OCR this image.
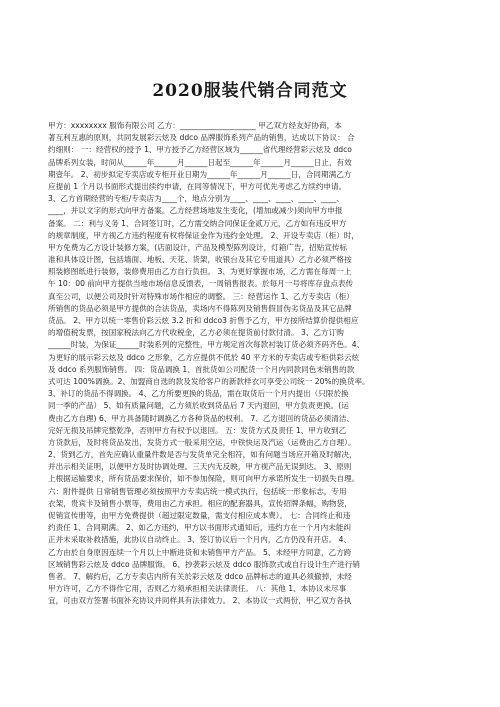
2020服装代销合同范文
甲方：xxxxxxxx 服饰有限公司 乙方：____________________ 甲乙双方经友好协商，本
著互利互惠的原则，共同发展彩云炫及 ddco 品牌服饰系列产品的销售，达成以下协议： 合
约细则： 一：经营权的授予 1、甲方授予乙方经营区域为______省代理经营彩云炫及 ddco
品牌系列女装，时间从______年______月______日起至______年______月______日止，有效
期壹年。 2、初步拟定专卖店或专柜开业日期为______年______月______日，合同期满乙方
应提前 1 个月以书面形式提出续约申请，在同等情况下，甲方可优先考虑乙方续约申请。
3、乙方首期经营的专柜/专卖店为____个，地点分别为____、____、____、____、____、
____，并以文字的形式向甲方备案。乙方经营场地发生变化，(增加或减少)须向甲方申报
备案。 二：利与义务 1、合同签订时，乙方需交纳合同保证金贰万元，乙方如有违反甲方
的规章制度，甲方视乙方违约程度有权将保证金作为违约金处理。 2、开设专卖店（柜）时，
甲方免费为乙方设计装修方案，(店面设计，产品及模型陈列设计，灯箱广告，招贴宣传标
准和具体设计图，包括墙面、地板、天花、货架，收银台及其它专用道具）乙方必须严格按
照装修图纸进行装修，装修费用由乙方自行负担。 3、为更好掌握市场，乙方需在每周一上
午 10：00 前向甲方提供当地市场信息反馈表，一周销售报表。於每月一号将库存盘点表传
真至公司，以便公司及时针对特殊市场作相应的调整。 三：经营运作 1、乙方专卖店（柜）
所销售的货品必须是甲方提供的合法货品，卖场内不得陈列及销售假冒伪劣货品及其它品牌
货品。 2、甲方以统一零售价彩云炫 3.2 折和 ddco3 折售予乙方，甲方按所结算价提供相应
的增值税发票，按国家税法向乙方代收税金，乙方必须在提货前付款付清。 3、乙方订购
______时装，为保证______时装系列的完整性，甲方规定首次每款衬装订货必须齐码齐色。4、
为更好的展示彩云炫及 ddco 之形象，乙方应提供不低於 40 平方米的专卖店或专柜供彩云炫
及 ddco 系列服饰销售。 四：货品调换 1、首批货如公司配货一个月内同款同色未销售的款
式可达 100%调换。2、加盟商自选的款及发给客户的新款样衣可享受公司统一 20%的换货率。
3、补订的货品不得调换。 4、乙方所要更换的货品，需在取货后一个月内提出（只限於换
同一季的产品） 5、如有质量问题，乙方须於收到货品后 7 天内退回，甲方负责更换。(运
费由乙方自理) 6、甲方具备随时调换乙方各种货品的权利。 7、乙方退回的货品必须清洁、
完好无损及吊牌完整乾净，否则甲方有权予以退回。 五：发货方式及责任 1、甲方收到乙
方货款后，及时将货品发出，发货方式一般采用空运，中铁快运及汽运（运费由乙方自理）。
2、货到乙方，首先应确认重量件数是否与发货单完全相符，如有问题当场应开箱及时解决，
并出示相关证明，以便甲方及时协调处理。三天内无反映，甲方视产品无误到达。 3、原则
上根据运输要求，所有货品要求保价，如不参加保险，则可向甲方承诺所发生一切损失自理。
六：附件提供 日常销售管理必须按照甲方专卖店统一模式执行，包括统一形象标志，专用
衣架，贵宾卡及销售小票等，费用由乙方承担。相应的配套器具，宣传招牌条幅，购物袋，
促销宣传册等，由甲方免费提供（超过限定数量，需支付相应成本费）。 七：合同终止和违
约责任 1、合同期满。 2、如乙方违约，甲方以书面形式通知后，违约方在一个月内未能纠
正并未采取补救措施，此协议自动终止。 3、签订协议后一个月内，乙方仍没有开店。 4、
乙方由於自身原因连续一个月以上中断进货和未销售甲方产品。 5、未经甲方同意，乙方跨
区域销售彩云炫及 ddco 品牌服饰。 6、抄袭彩云炫及 ddco 服饰款式或自行设计生产进行销
售者。 7、解约后，乙方专卖店内所有关於彩云炫及 ddco 品牌标志的道具必须撤掉，未经
甲方许可，乙方不得作它用，否则乙方须承担相关法律责任。 八：其他 1、本协议未尽事
宜，可由双方签署书面补充协议并同样具有法律效力。 2、本协议一式两份，甲乙双方各执
